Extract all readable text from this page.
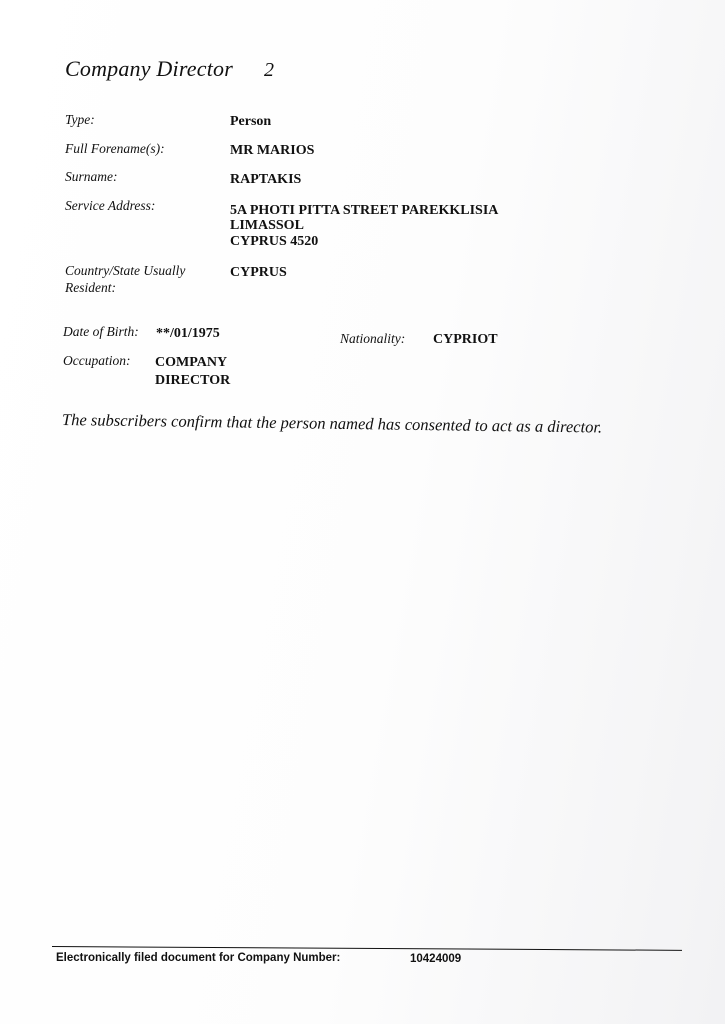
Company Director 2
Type:	Person
Full Forename(s):	MR MARIOS
Surname:	RAPTAKIS
Service Address:	5A PHOTI PITTA STREET PAREKKLISIA
LIMASSOL
CYPRUS 4520
Country/State Usually
Resident:
CYPRUS
Date of Birth: **/01/1975	Nationality: CYPRIOT
Occupation: COMPANY
DIRECTOR
The subscribers confirm that the person named has consented to act as a director.
Electronically filed document for Company Number:	10424009
